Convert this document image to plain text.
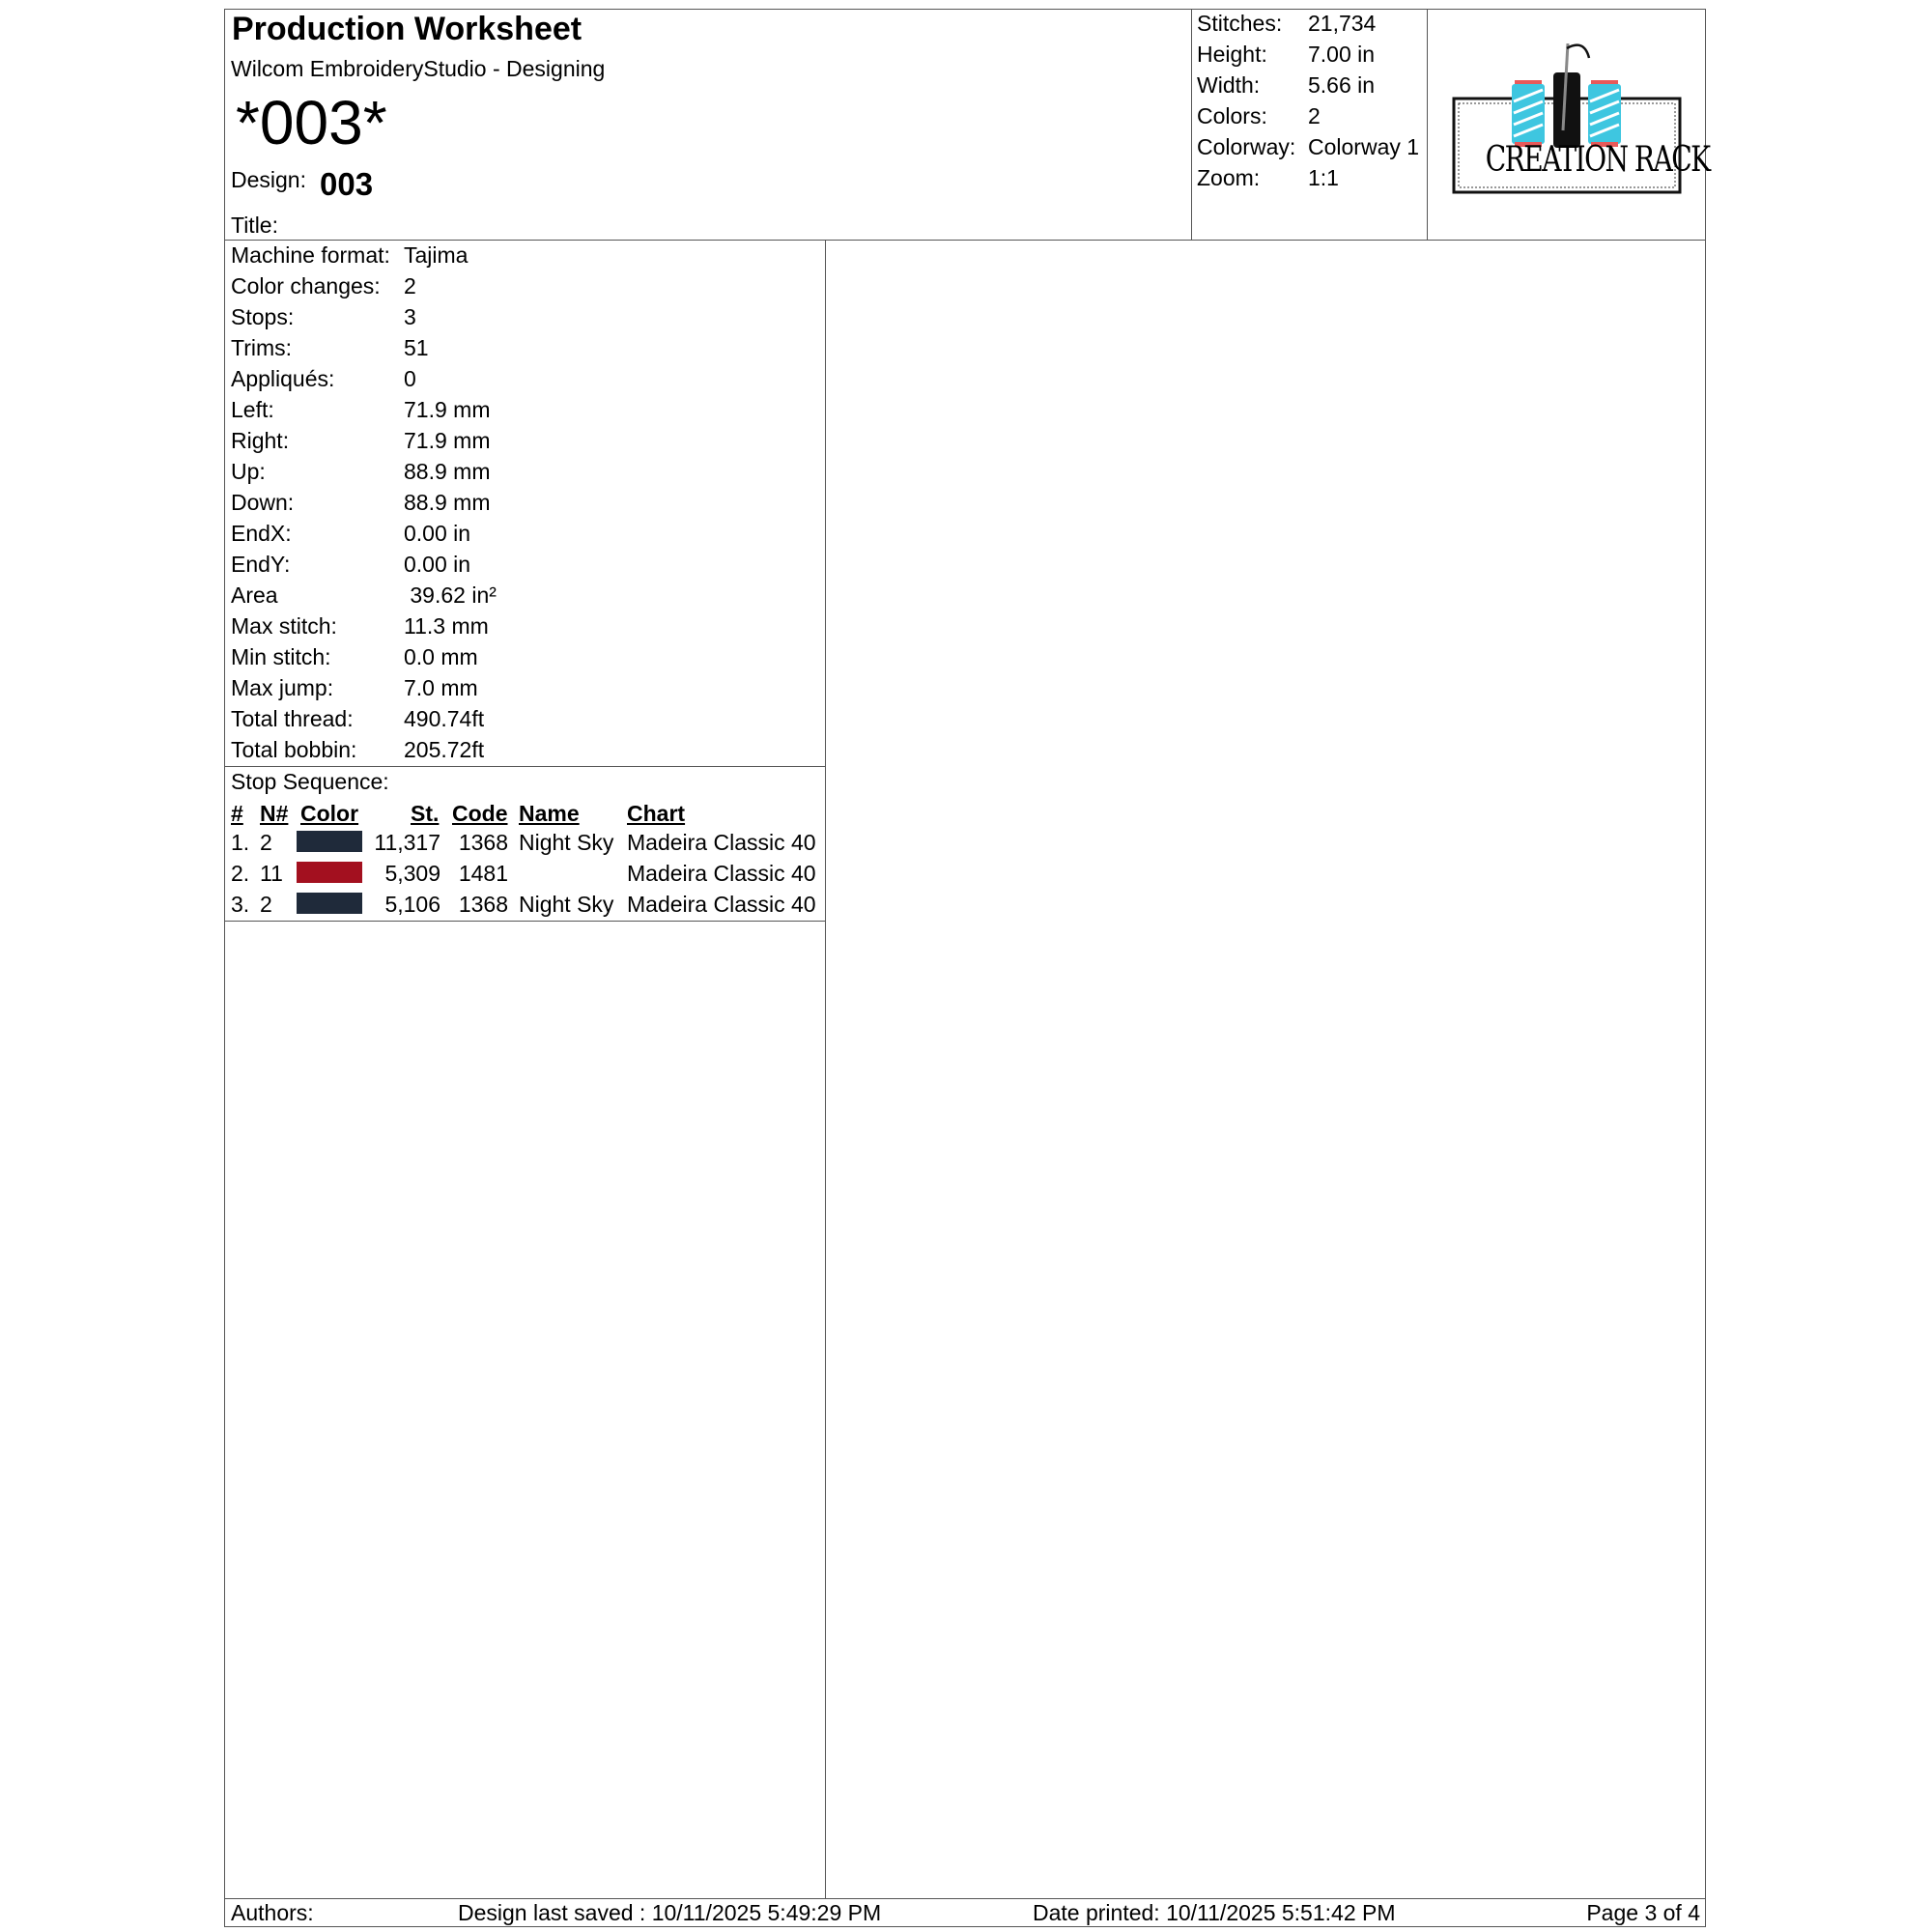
Production Worksheet
Wilcom EmbroideryStudio - Designing
*003*
Design: 003
Title:
Stitches: 21,734
Height: 7.00 in
Width: 5.66 in
Colors: 2
Colorway: Colorway 1
Zoom: 1:1	CREATION RACK
Machine format: Tajima
Color changes: 2
Stops:	3
Trims:	51
Appliqués:	0
Left:	71.9 mm
Right:	71.9 mm
Up:	88.9 mm
Down:	88.9 mm
EndX:	0.00 in
EndY:	0.00 in
Area	39.62 in²
Max stitch:	11.3 mm
Min stitch:	0.0 mm
Max jump:	7.0 mm
Total thread: 490.74ft
Total bobbin: 205.72ft
Stop Sequence:
# N# Color St. Code Name Chart
1. 2	11,317 1368 Night Sky Madeira Classic 40
2. 11	5,309 1481	Madeira Classic 40
3. 2	5,106 1368 Night Sky Madeira Classic 40
Authors:	Design last saved : 10/11/2025 5:49:29 PM	Date printed: 10/11/2025 5:51:42 PM	Page 3 of 4
